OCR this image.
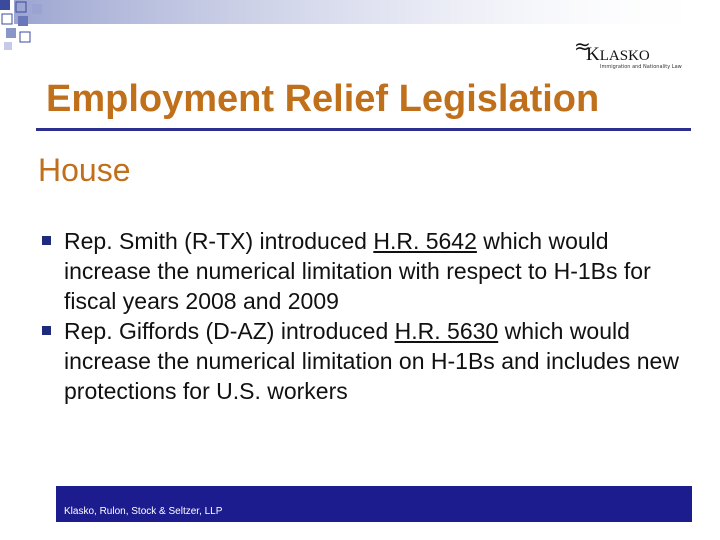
≈
KLASKO
Immigration and Nationality Law
Employment Relief Legislation
House
Rep. Smith (R-TX) introduced H.R. 5642 which would increase the numerical limitation with respect to H-1Bs for fiscal years 2008 and 2009
Rep. Giffords (D-AZ) introduced H.R. 5630 which would increase the numerical limitation on H-1Bs and includes new protections for U.S. workers
Klasko, Rulon, Stock & Seltzer, LLP
